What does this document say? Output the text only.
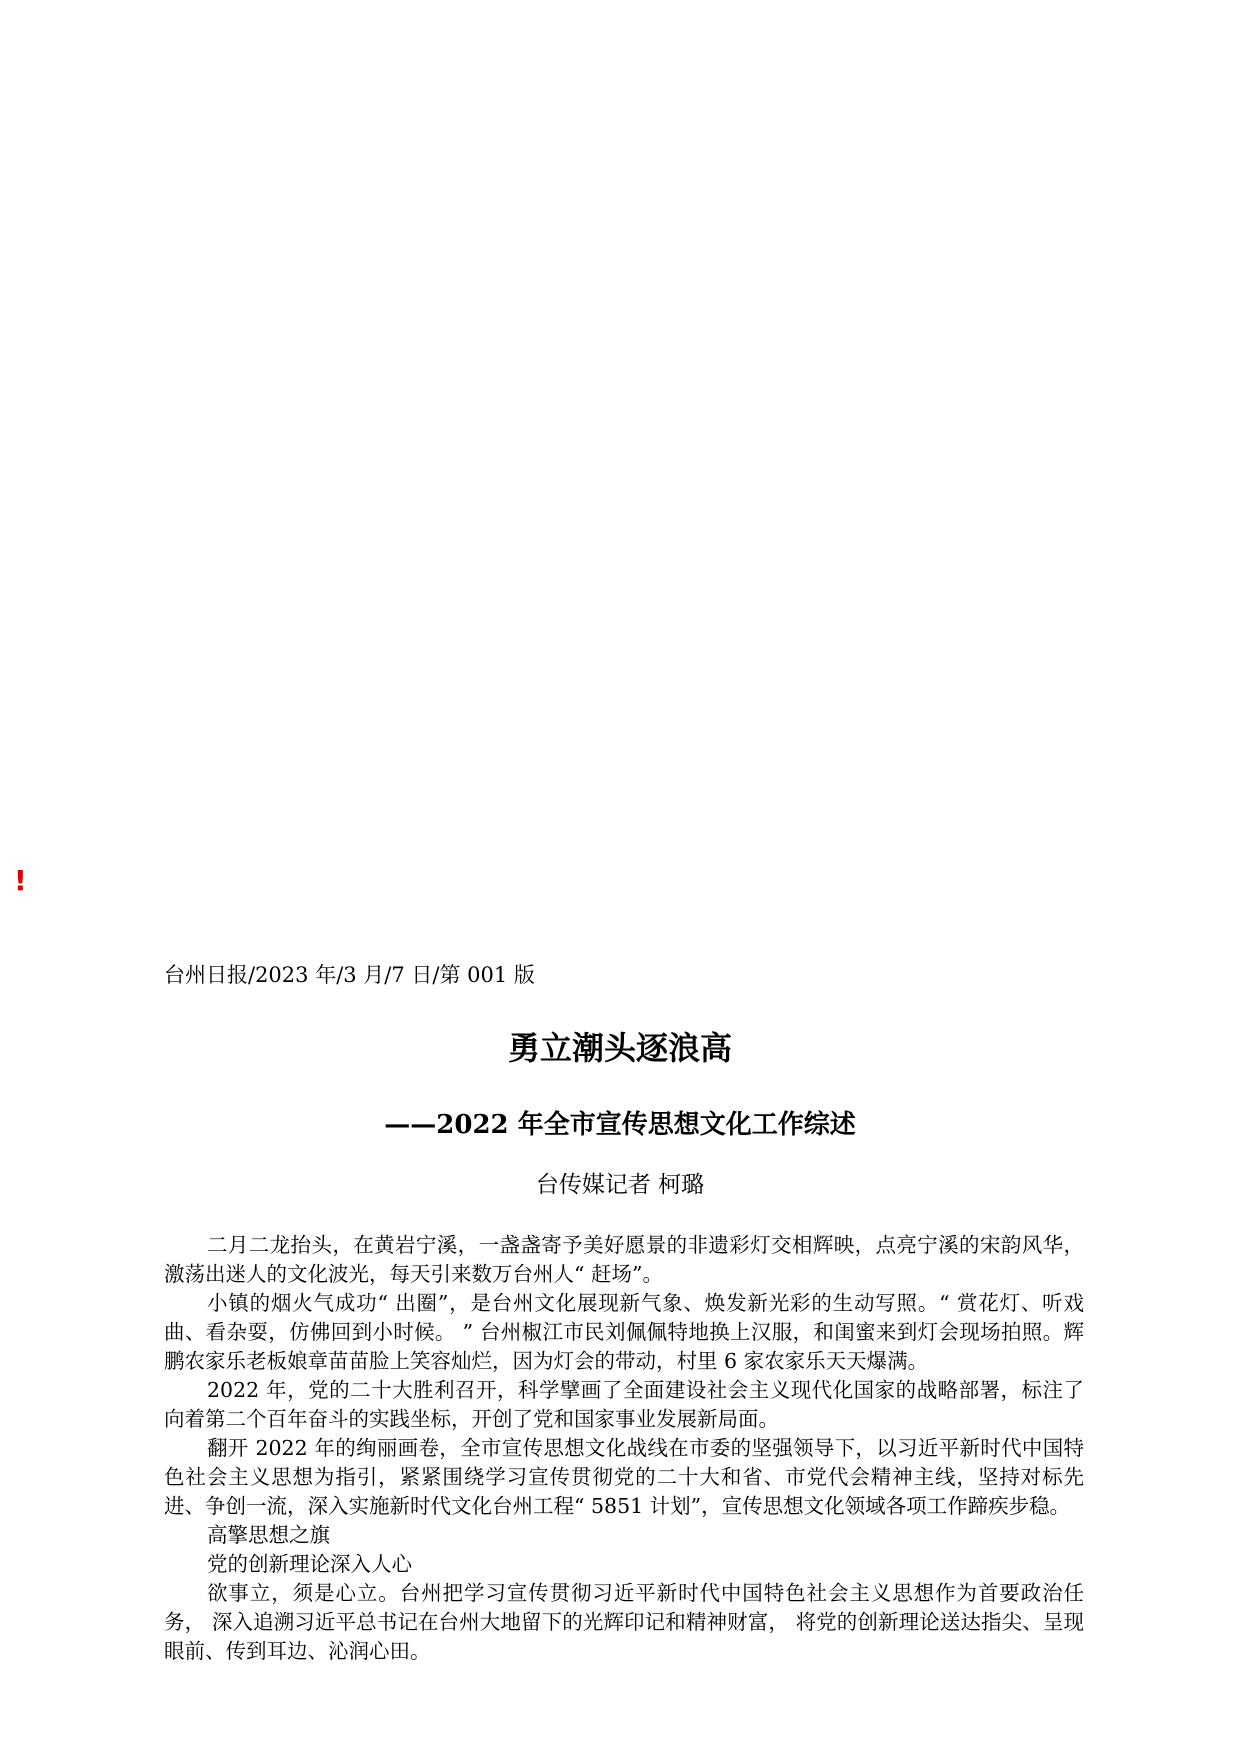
!
台州日报/2023 年/3 月/7 日/第 001 版
勇立潮头逐浪高
——2022 年全市宣传思想文化工作综述
台传媒记者 柯璐

二月二龙抬头，在黄岩宁溪，一盏盏寄予美好愿景的非遗彩灯交相辉映，点亮宁溪的宋韵风华，激荡出迷人的文化波光，每天引来数万台州人“ 赶场”。

小镇的烟火气成功“ 出圈”，是台州文化展现新气象、焕发新光彩的生动写照。“ 赏花灯、听戏曲、看杂耍，仿佛回到小时候。 ” 台州椒江市民刘佩佩特地换上汉服，和闺蜜来到灯会现场拍照。辉鹏农家乐老板娘章苗苗脸上笑容灿烂，因为灯会的带动，村里 6 家农家乐天天爆满。

2022 年，党的二十大胜利召开，科学擘画了全面建设社会主义现代化国家的战略部署，标注了向着第二个百年奋斗的实践坐标，开创了党和国家事业发展新局面。

翻开 2022 年的绚丽画卷，全市宣传思想文化战线在市委的坚强领导下，以习近平新时代中国特色社会主义思想为指引，紧紧围绕学习宣传贯彻党的二十大和省、市党代会精神主线，坚持对标先进、争创一流，深入实施新时代文化台州工程“ 5851 计划”，宣传思想文化领域各项工作蹄疾步稳。

高擎思想之旗

党的创新理论深入人心

欲事立，须是心立。台州把学习宣传贯彻习近平新时代中国特色社会主义思想作为首要政治任务， 深入追溯习近平总书记在台州大地留下的光辉印记和精神财富， 将党的创新理论送达指尖、呈现眼前、传到耳边、沁润心田。
